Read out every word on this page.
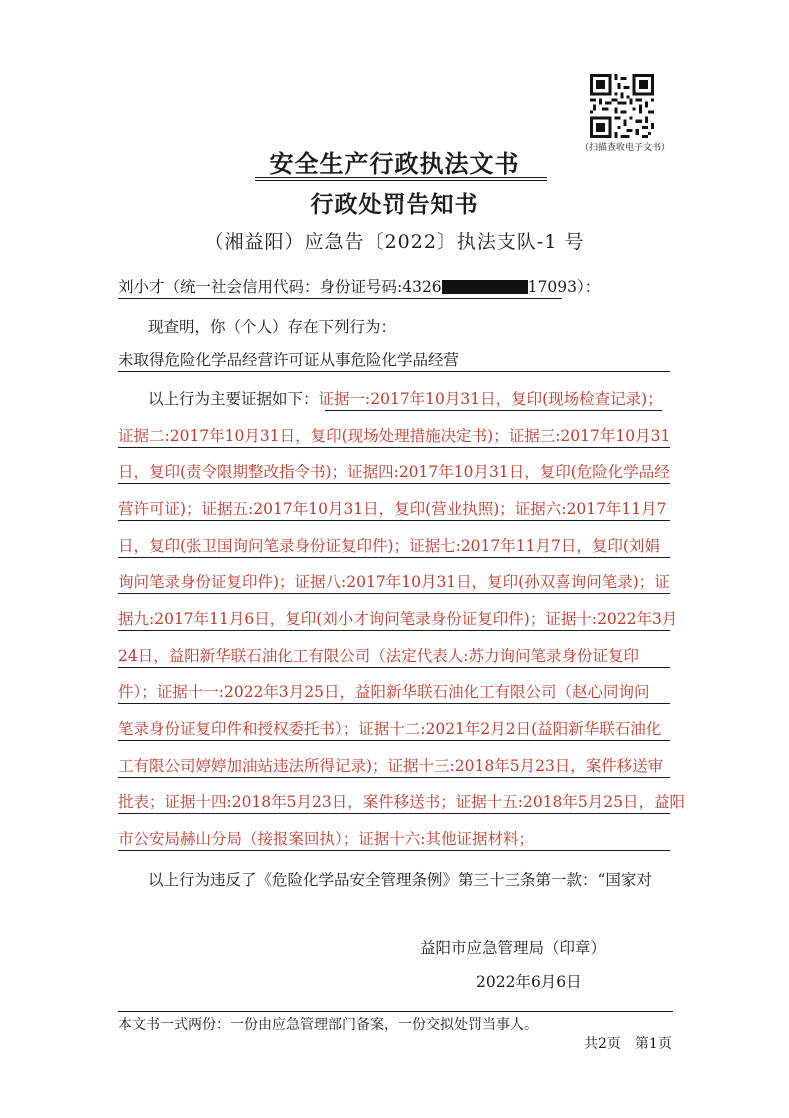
（扫描查收电子文书）
安全生产行政执法文书
行政处罚告知书
（湘益阳）应急告〔2022〕执法支队-1 号
刘小才（统一社会信用代码：身份证号码:4326	17093）：
现查明，你（个人）存在下列行为：
未取得危险化学品经营许可证从事危险化学品经营
以上行为主要证据如下：证据一:2017年10月31日，复印(现场检查记录)；
证据二:2017年10月31日，复印(现场处理措施决定书)；证据三:2017年10月31
日，复印(责令限期整改指令书)；证据四:2017年10月31日，复印(危险化学品经
营许可证)；证据五:2017年10月31日，复印(营业执照)；证据六:2017年11月7
日，复印(张卫国询问笔录身份证复印件)；证据七:2017年11月7日，复印(刘娟
询问笔录身份证复印件)；证据八:2017年10月31日，复印(孙双喜询问笔录)；证
据九:2017年11月6日，复印(刘小才询问笔录身份证复印件)；证据十:2022年3月
24日，益阳新华联石油化工有限公司（法定代表人:苏力询问笔录身份证复印
件）；证据十一:2022年3月25日，益阳新华联石油化工有限公司（赵心同询问
笔录身份证复印件和授权委托书）；证据十二:2021年2月2日(益阳新华联石油化
工有限公司婷婷加油站违法所得记录)；证据十三:2018年5月23日，案件移送审
批表；证据十四:2018年5月23日，案件移送书；证据十五:2018年5月25日，益阳
市公安局赫山分局（接报案回执）；证据十六:其他证据材料；
以上行为违反了《危险化学品安全管理条例》第三十三条第一款：“国家对
益阳市应急管理局（印章）
2022年6月6日
本文书一式两份：一份由应急管理部门备案，一份交拟处罚当事人。
共2页　第1页
